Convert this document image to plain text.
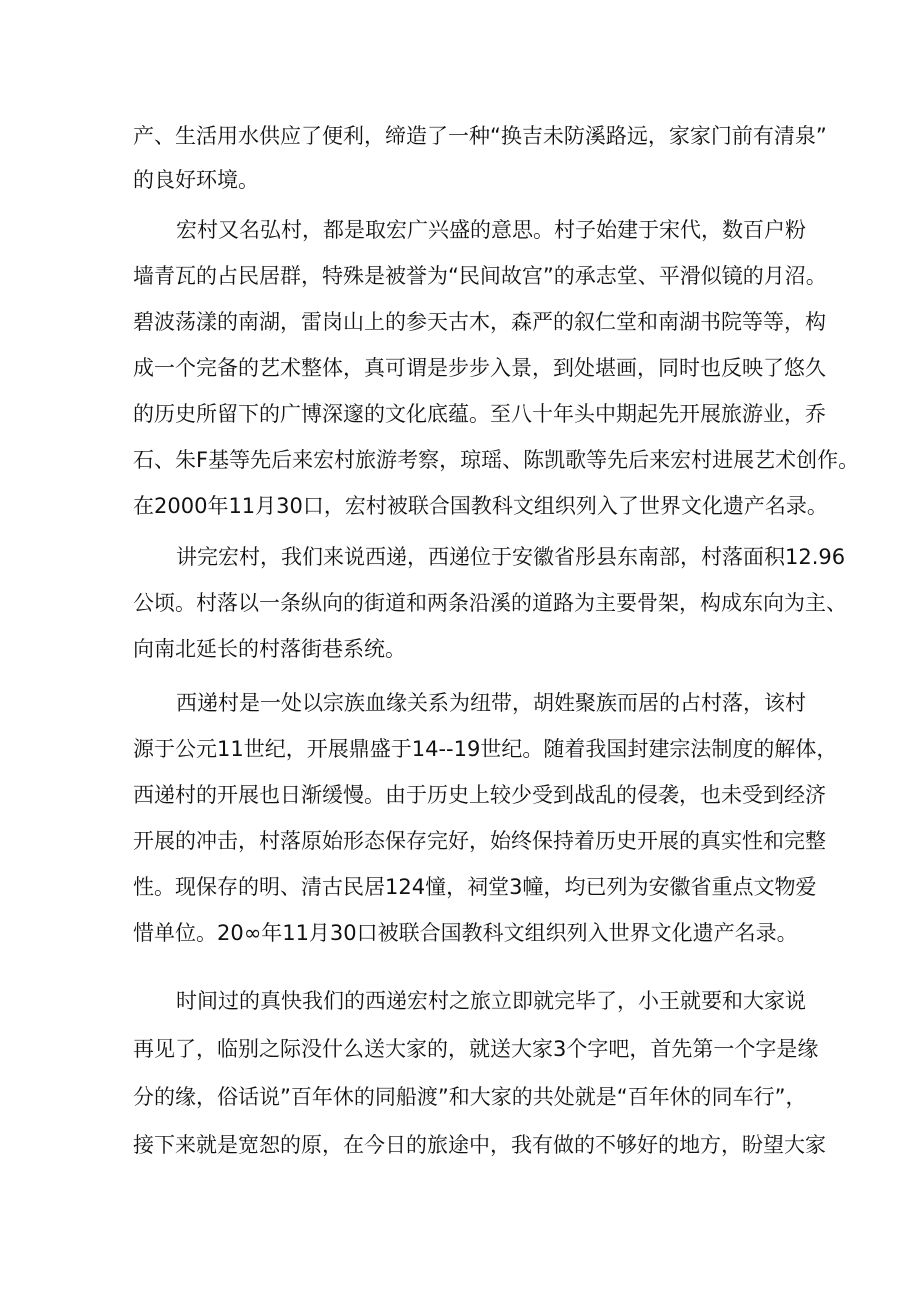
产、生活用水供应了便利，缔造了一种“换吉未防溪路远，家家门前有清泉”
的良好环境。
宏村又名弘村，都是取宏广兴盛的意思。村子始建于宋代，数百户粉
墙青瓦的占民居群，特殊是被誉为“民间故宫”的承志堂、平滑似镜的月沼。
碧波荡漾的南湖，雷岗山上的参天古木，森严的叙仁堂和南湖书院等等，构
成一个完备的艺术整体，真可谓是步步入景，到处堪画，同时也反映了悠久
的历史所留下的广博深邃的文化底蕴。至八十年头中期起先开展旅游业，乔
石、朱F基等先后来宏村旅游考察，琼瑶、陈凯歌等先后来宏村进展艺术创作。
在2000年11月30口，宏村被联合国教科文组织列入了世界文化遗产名录。
讲完宏村，我们来说西递，西递位于安徽省彤县东南部，村落面积12.96
公顷。村落以一条纵向的街道和两条沿溪的道路为主要骨架，构成东向为主、
向南北延长的村落街巷系统。
西递村是一处以宗族血缘关系为纽带，胡姓聚族而居的占村落，该村
源于公元11世纪，开展鼎盛于14--19世纪。随着我国封建宗法制度的解体，
西递村的开展也日渐缓慢。由于历史上较少受到战乱的侵袭，也未受到经济
开展的冲击，村落原始形态保存完好，始终保持着历史开展的真实性和完整
性。现保存的明、清古民居124憧，祠堂3幢，均已列为安徽省重点文物爱
惜单位。20∞年11月30口被联合国教科文组织列入世界文化遗产名录。
时间过的真快我们的西递宏村之旅立即就完毕了，小王就要和大家说
再见了，临别之际没什么送大家的，就送大家3个字吧，首先第一个字是缘
分的缘，俗话说”百年休的同船渡”和大家的共处就是“百年休的同车行”，
接下来就是宽恕的原，在今日的旅途中，我有做的不够好的地方，盼望大家
